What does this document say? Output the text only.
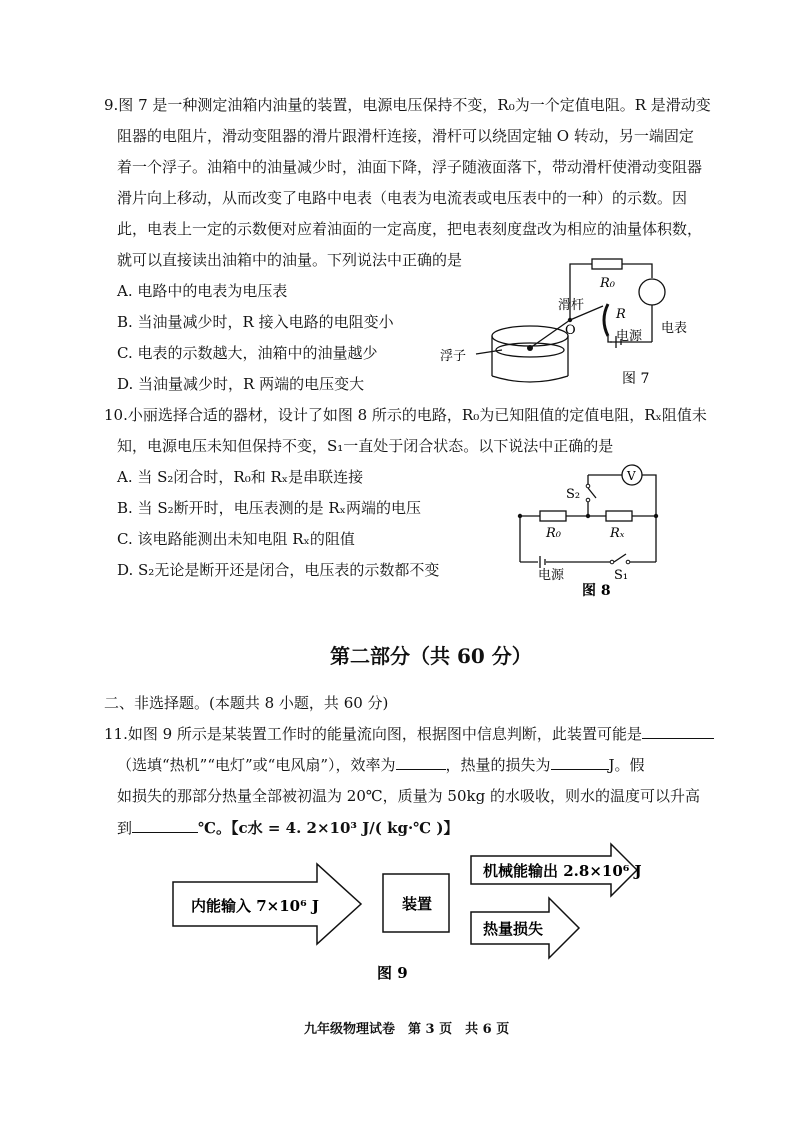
9.图 7 是一种测定油箱内油量的装置，电源电压保持不变，R₀为一个定值电阻。R 是滑动变
阻器的电阻片，滑动变阻器的滑片跟滑杆连接，滑杆可以绕固定轴 O 转动，另一端固定
着一个浮子。油箱中的油量减少时，油面下降，浮子随液面落下，带动滑杆使滑动变阻器
滑片向上移动，从而改变了电路中电表（电表为电流表或电压表中的一种）的示数。因
此，电表上一定的示数便对应着油面的一定高度，把电表刻度盘改为相应的油量体积数，
就可以直接读出油箱中的油量。下列说法中正确的是
A. 电路中的电表为电压表
B. 当油量减少时，R 接入电路的电阻变小
C. 电表的示数越大，油箱中的油量越少
D. 当油量减少时，R 两端的电压变大
R₀
R
滑杆
O	电源
电表
浮子
图 7
10.小丽选择合适的器材，设计了如图 8 所示的电路，R₀为已知阻值的定值电阻，Rₓ阻值未
知，电源电压未知但保持不变，S₁一直处于闭合状态。以下说法中正确的是
A. 当 S₂闭合时，R₀和 Rₓ是串联连接
B. 当 S₂断开时，电压表测的是 Rₓ两端的电压
C. 该电路能测出未知电阻 Rₓ的阻值
D. S₂无论是断开还是闭合，电压表的示数都不变
V
S₂
R₀	Rₓ
电源	S₁
图 8
第二部分（共 60 分）
二、非选择题。(本题共 8 小题，共 60 分)
11.如图 9 所示是某装置工作时的能量流向图，根据图中信息判断，此装置可能是
（选填“热机”“电灯”或“电风扇”），效率为	，热量的损失为	J。假
如损失的那部分热量全部被初温为 20℃，质量为 50kg 的水吸收，则水的温度可以升高
到	℃。【c水 = 4. 2×10³ J/( kg·℃ )】
内能输入 7×10⁶ J	装置
机械能输出 2.8×10⁶ J
热量损失
图 9
九年级物理试卷　第 3 页　共 6 页
